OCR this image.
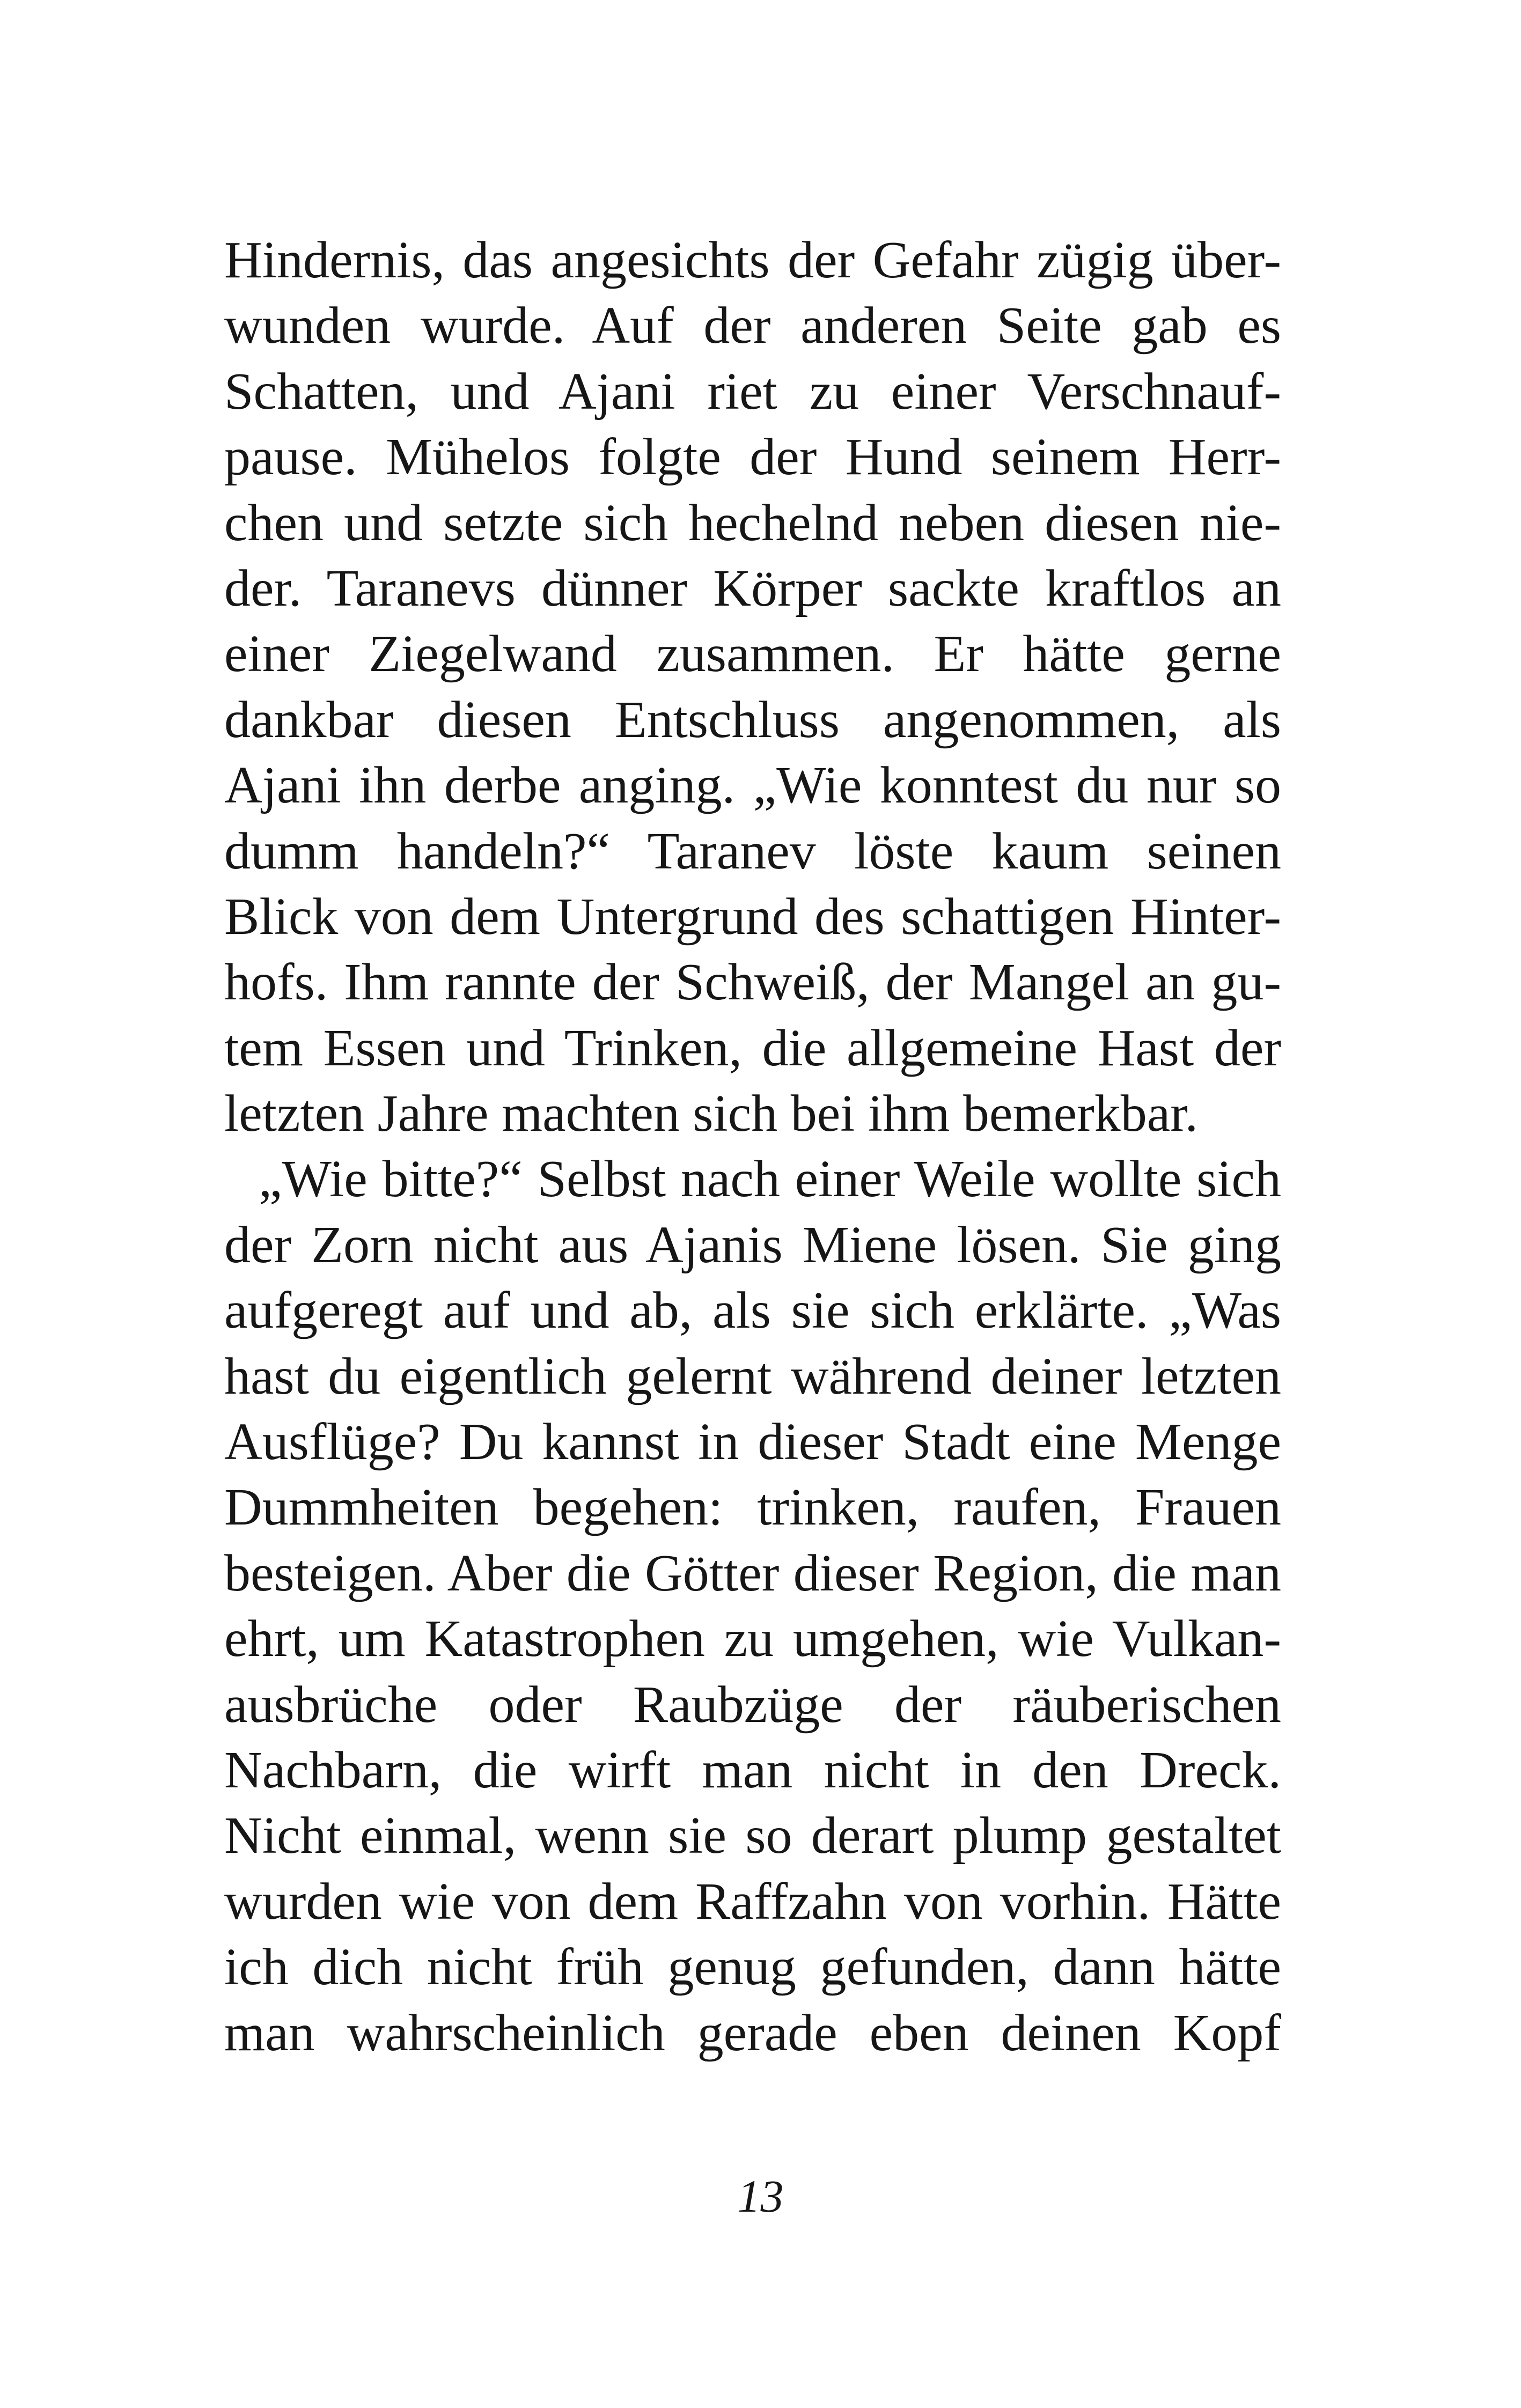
Hindernis, das angesichts der Gefahr zügig über-
wunden wurde. Auf der anderen Seite gab es
Schatten, und Ajani riet zu einer Verschnauf-
pause. Mühelos folgte der Hund seinem Herr-
chen und setzte sich hechelnd neben diesen nie-
der. Taranevs dünner Körper sackte kraftlos an
einer Ziegelwand zusammen. Er hätte gerne
dankbar diesen Entschluss angenommen, als
Ajani ihn derbe anging. „Wie konntest du nur so
dumm handeln?“ Taranev löste kaum seinen
Blick von dem Untergrund des schattigen Hinter-
hofs. Ihm rannte der Schweiß, der Mangel an gu-
tem Essen und Trinken, die allgemeine Hast der
letzten Jahre machten sich bei ihm bemerkbar.
„Wie bitte?“ Selbst nach einer Weile wollte sich
der Zorn nicht aus Ajanis Miene lösen. Sie ging
aufgeregt auf und ab, als sie sich erklärte. „Was
hast du eigentlich gelernt während deiner letzten
Ausflüge? Du kannst in dieser Stadt eine Menge
Dummheiten begehen: trinken, raufen, Frauen
besteigen. Aber die Götter dieser Region, die man
ehrt, um Katastrophen zu umgehen, wie Vulkan-
ausbrüche oder Raubzüge der räuberischen
Nachbarn, die wirft man nicht in den Dreck.
Nicht einmal, wenn sie so derart plump gestaltet
wurden wie von dem Raffzahn von vorhin. Hätte
ich dich nicht früh genug gefunden, dann hätte
man wahrscheinlich gerade eben deinen Kopf
13
